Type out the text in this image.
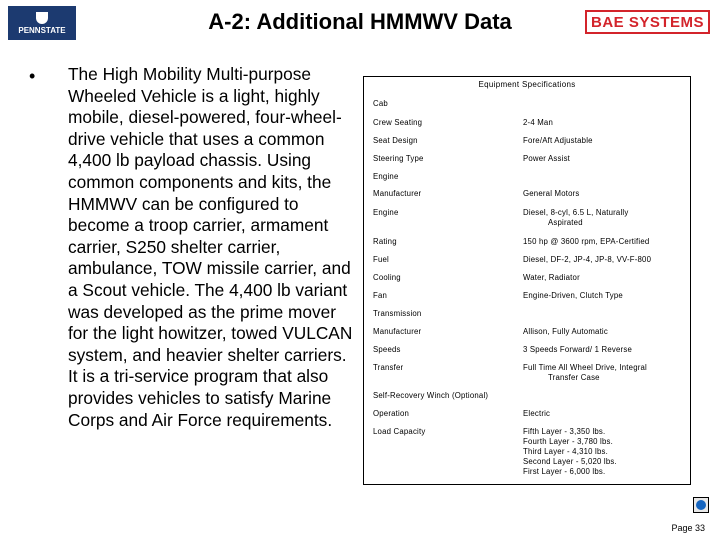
PENNSTATE	A-2: Additional HMMWV Data	BAE SYSTEMS
• The High Mobility Multi-purpose Wheeled Vehicle is a light, highly mobile, diesel-powered, four-wheel-drive vehicle that uses a common 4,400 lb payload chassis. Using common components and kits, the HMMWV can be configured to become a troop carrier, armament carrier, S250 shelter carrier, ambulance, TOW missile carrier, and a Scout vehicle. The 4,400 lb variant was developed as the prime mover for the light howitzer, towed VULCAN system, and heavier shelter carriers. It is a tri-service program that also provides vehicles to satisfy Marine Corps and Air Force requirements.
Equipment Specifications
Cab
Crew Seating	2-4 Man
Seat Design	Fore/Aft Adjustable
Steering Type	Power Assist
Engine
Manufacturer	General Motors
Engine	Diesel, 8-cyl, 6.5 L, Naturally
Aspirated
Rating	150 hp @ 3600 rpm, EPA-Certified
Fuel	Diesel, DF-2, JP-4, JP-8, VV-F-800
Cooling	Water, Radiator
Fan	Engine-Driven, Clutch Type
Transmission
Manufacturer	Allison, Fully Automatic
Speeds	3 Speeds Forward/ 1 Reverse
Transfer	Full Time All Wheel Drive, Integral
Transfer Case
Self-Recovery Winch (Optional)
Operation	Electric
Load Capacity	Fifth Layer - 3,350 lbs.
Fourth Layer - 3,780 lbs.
Third Layer - 4,310 lbs.
Second Layer - 5,020 lbs.
First Layer - 6,000 lbs.
Page 33
